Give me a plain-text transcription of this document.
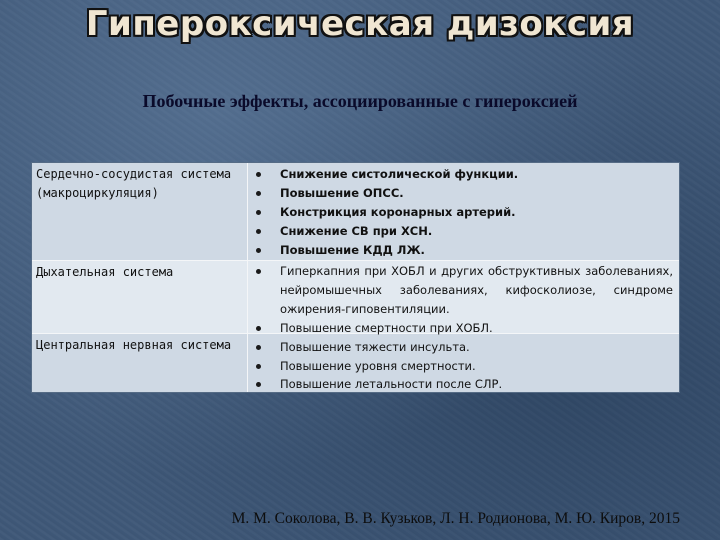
Гипероксическая дизоксия
Побочные эффекты, ассоциированные с гипероксией
Сердечно-сосудистая система (макроциркуляция)
Дыхательная система
Центральная нервная система
Снижение систолической функции.
Повышение ОПСС.
Констрикция коронарных артерий.
Снижение СВ при ХСН.
Повышение КДД ЛЖ.
Гиперкапния при ХОБЛ и других обструктивных заболеваниях, нейромышечных заболеваниях, кифосколиозе, синдроме ожирения-гиповентиляции.
Повышение смертности при ХОБЛ.
Повышение тяжести инсульта.
Повышение уровня смертности.
Повышение летальности после СЛР.
М. М. Соколова, В. В. Кузьков, Л. Н. Родионова, М. Ю. Киров, 2015
